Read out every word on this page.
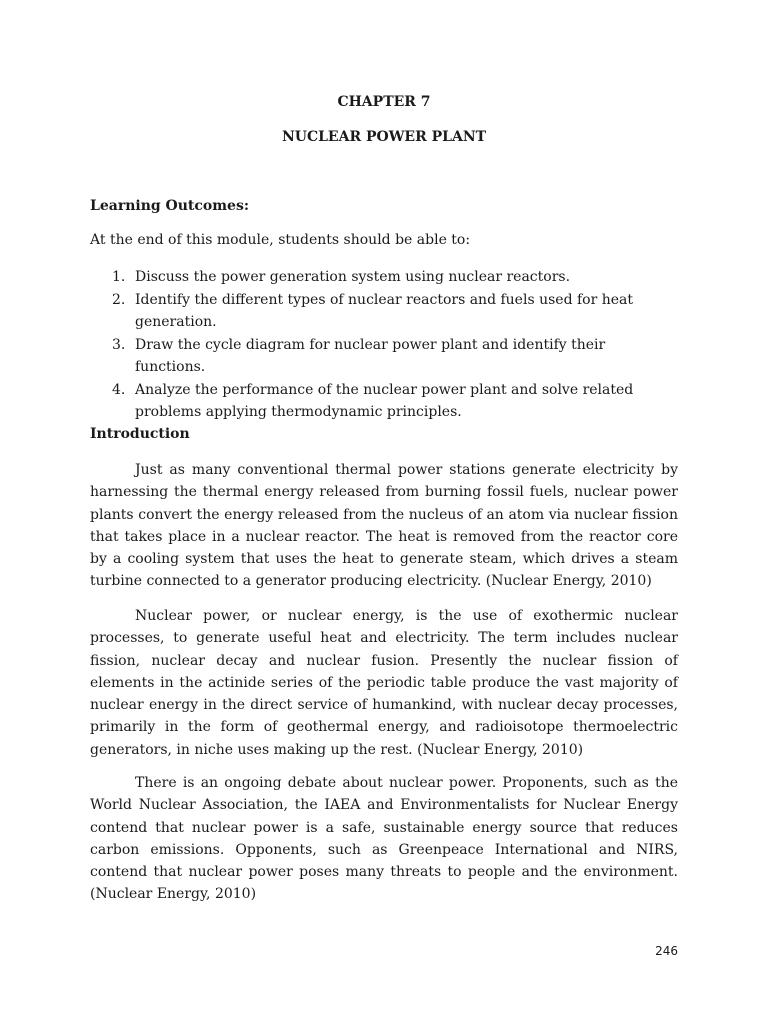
CHAPTER 7
NUCLEAR POWER PLANT
Learning Outcomes:
At the end of this module, students should be able to:
1. Discuss the power generation system using nuclear reactors.
2. Identify the different types of nuclear reactors and fuels used for heat generation.
3. Draw the cycle diagram for nuclear power plant and identify their functions.
4. Analyze the performance of the nuclear power plant and solve related problems applying thermodynamic principles.
Introduction

Just as many conventional thermal power stations generate electricity by harnessing the thermal energy released from burning fossil fuels, nuclear power plants convert the energy released from the nucleus of an atom via nuclear fission that takes place in a nuclear reactor. The heat is removed from the reactor core by a cooling system that uses the heat to generate steam, which drives a steam turbine connected to a generator producing electricity. (Nuclear Energy, 2010)

Nuclear power, or nuclear energy, is the use of exothermic nuclear processes, to generate useful heat and electricity. The term includes nuclear fission, nuclear decay and nuclear fusion. Presently the nuclear fission of elements in the actinide series of the periodic table produce the vast majority of nuclear energy in the direct service of humankind, with nuclear decay processes, primarily in the form of geothermal energy, and radioisotope thermoelectric generators, in niche uses making up the rest. (Nuclear Energy, 2010)

There is an ongoing debate about nuclear power. Proponents, such as the World Nuclear Association, the IAEA and Environmentalists for Nuclear Energy contend that nuclear power is a safe, sustainable energy source that reduces carbon emissions. Opponents, such as Greenpeace International and NIRS, contend that nuclear power poses many threats to people and the environment. (Nuclear Energy, 2010)

246
